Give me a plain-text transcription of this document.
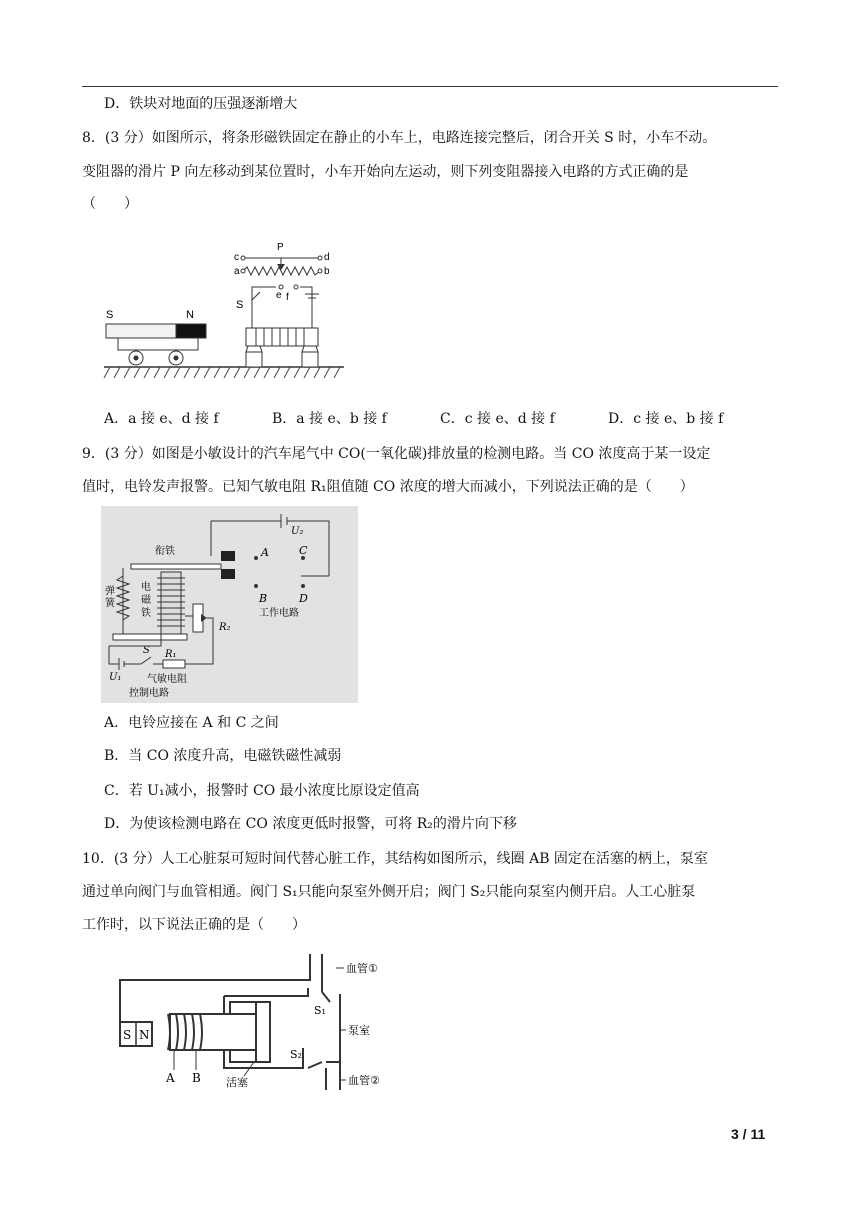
D．铁块对地面的压强逐渐增大
8．(3 分）如图所示，将条形磁铁固定在静止的小车上，电路连接完整后，闭合开关 S 时，小车不动。
变阻器的滑片 P 向左移动到某位置时，小车开始向左运动，则下列变阻器接入电路的方式正确的是
（　　）
S	N
c	d
P
a	b
S
e f
A．a 接 e、d 接 f	B．a 接 e、b 接 f	C．c 接 e、d 接 f	D．c 接 e、b 接 f
9．(3 分）如图是小敏设计的汽车尾气中 CO(一氧化碳)排放量的检测电路。当 CO 浓度高于某一设定
值时，电铃发声报警。已知气敏电阻 R₁阻值随 CO 浓度的增大而减小，下列说法正确的是（　　）
U₂
A	C
衔铁
B	D
工作电路
弹
簧
电
磁
铁
R₂
S R₁
U₁	气敏电阻
控制电路
A．电铃应接在 A 和 C 之间
B．当 CO 浓度升高，电磁铁磁性减弱
C．若 U₁减小，报警时 CO 最小浓度比原设定值高
D．为使该检测电路在 CO 浓度更低时报警，可将 R₂的滑片向下移
10．(3 分）人工心脏泵可短时间代替心脏工作，其结构如图所示，线圈 AB 固定在活塞的柄上，泵室
通过单向阀门与血管相通。阀门 S₁只能向泵室外侧开启；阀门 S₂只能向泵室内侧开启。人工心脏泵
工作时，以下说法正确的是（　　）
血管①
S₁
泵室
S₂
血管②
活塞
S N
A B
3 / 11
